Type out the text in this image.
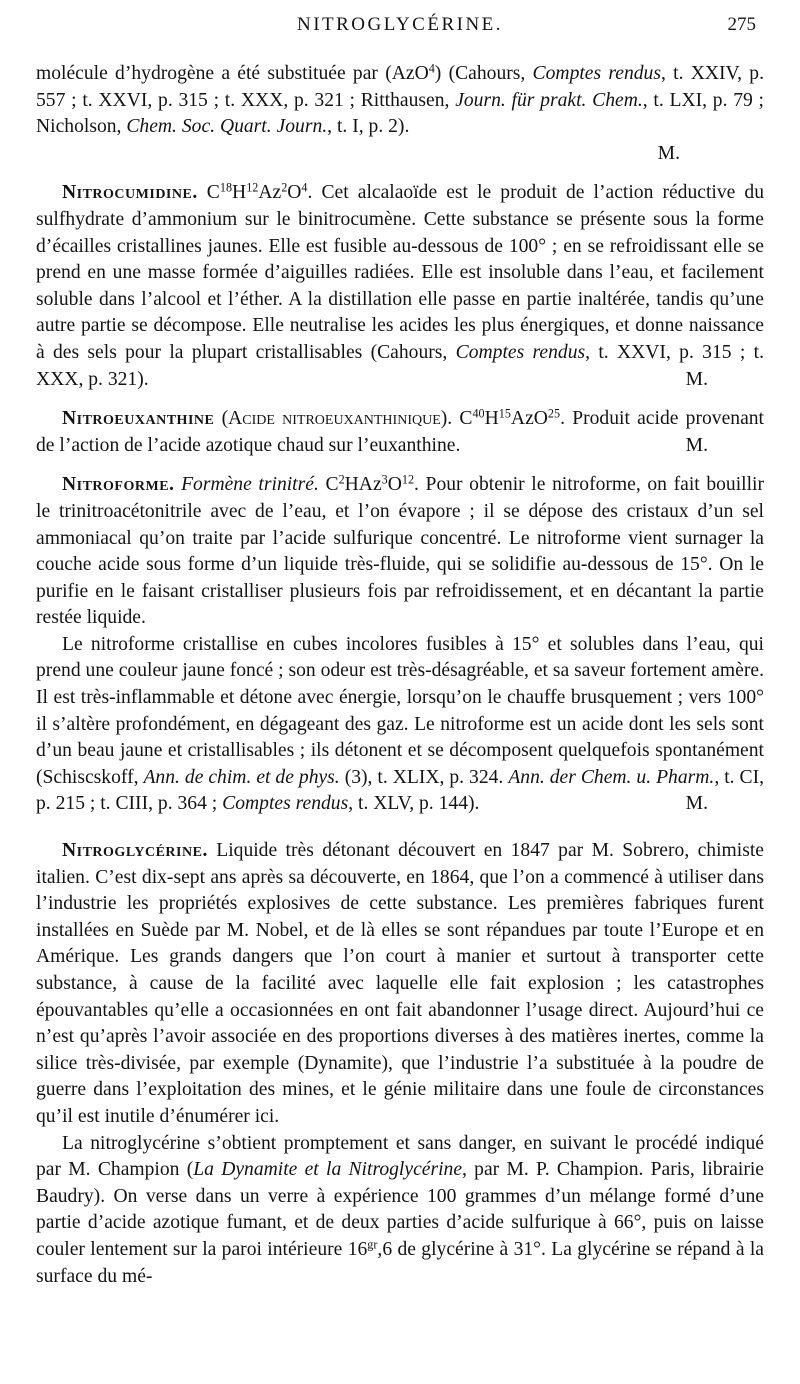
NITROGLYCÉRINE.	275

molécule d’hydrogène a été substituée par (AzO$^4$) (Cahours, Comptes rendus, t. XXIV, p. 557 ; t. XXVI, p. 315 ; t. XXX, p. 321 ; Ritthausen, Journ. für prakt. Chem., t. LXI, p. 79 ; Nicholson, Chem. Soc. Quart. Journ., t. I, p. 2).
M.

Nitrocumidine. $C^{18}H^{12}Az^2O^4$. Cet alcalaoïde est le produit de l’action réductive du sulfhydrate d’ammonium sur le binitrocumène. Cette substance se présente sous la forme d’écailles cristallines jaunes. Elle est fusible au-dessous de 100° ; en se refroidissant elle se prend en une masse formée d’aiguilles radiées. Elle est insoluble dans l’eau, et facilement soluble dans l’alcool et l’éther. A la distillation elle passe en partie inaltérée, tandis qu’une autre partie se décompose. Elle neutralise les acides les plus énergiques, et donne naissance à des sels pour la plupart cristallisables (Cahours, Comptes rendus, t. XXVI, p. 315 ; t. XXX, p. 321).	M.

Nitroeuxanthine (Acide nitroeuxanthinique). $C^{40}H^{15}AzO^{25}$. Produit acide provenant de l’action de l’acide azotique chaud sur l’euxanthine.	M.

Nitroforme. Formène trinitré. $C^2HAz^3O^{12}$. Pour obtenir le nitroforme, on fait bouillir le trinitroacétonitrile avec de l’eau, et l’on évapore ; il se dépose des cristaux d’un sel ammoniacal qu’on traite par l’acide sulfurique concentré. Le nitroforme vient surnager la couche acide sous forme d’un liquide très-fluide, qui se solidifie au-dessous de 15°. On le purifie en le faisant cristalliser plusieurs fois par refroidissement, et en décantant la partie restée liquide.

Le nitroforme cristallise en cubes incolores fusibles à 15° et solubles dans l’eau, qui prend une couleur jaune foncé ; son odeur est très-désagréable, et sa saveur fortement amère. Il est très-inflammable et détone avec énergie, lorsqu’on le chauffe brusquement ; vers 100° il s’altère profondément, en dégageant des gaz. Le nitroforme est un acide dont les sels sont d’un beau jaune et cristallisables ; ils détonent et se décomposent quelquefois spontanément (Schiscskoff, Ann. de chim. et de phys. (3), t. XLIX, p. 324. Ann. der Chem. u. Pharm., t. CI, p. 215 ; t. CIII, p. 364 ; Comptes rendus, t. XLV, p. 144).	M.

Nitroglycérine. Liquide très détonant découvert en 1847 par M. Sobrero, chimiste italien. C’est dix-sept ans après sa découverte, en 1864, que l’on a commencé à utiliser dans l’industrie les propriétés explosives de cette substance. Les premières fabriques furent installées en Suède par M. Nobel, et de là elles se sont répandues par toute l’Europe et en Amérique. Les grands dangers que l’on court à manier et surtout à transporter cette substance, à cause de la facilité avec laquelle elle fait explosion ; les catastrophes épouvantables qu’elle a occasionnées en ont fait abandonner l’usage direct. Aujourd’hui ce n’est qu’après l’avoir associée en des proportions diverses à des matières inertes, comme la silice très-divisée, par exemple (Dynamite), que l’industrie l’a substituée à la poudre de guerre dans l’exploitation des mines, et le génie militaire dans une foule de circonstances qu’il est inutile d’énumérer ici.

La nitroglycérine s’obtient promptement et sans danger, en suivant le procédé indiqué par M. Champion (La Dynamite et la Nitroglycérine, par M. P. Champion. Paris, librairie Baudry). On verse dans un verre à expérience 100 grammes d’un mélange formé d’une partie d’acide azotique fumant, et de deux parties d’acide sulfurique à 66°, puis on laisse couler lentement sur la paroi intérieure $16^{gr},6$ de glycérine à 31°. La glycérine se répand à la surface du mé-
